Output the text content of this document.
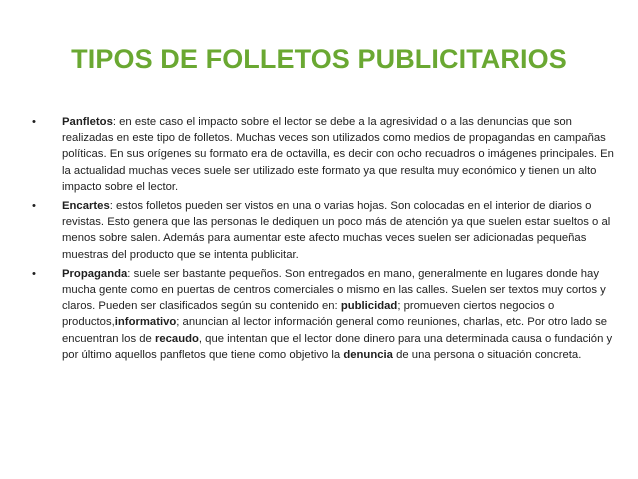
TIPOS DE FOLLETOS PUBLICITARIOS
•	Panfletos: en este caso el impacto sobre el lector se debe a la agresividad o a las denuncias que son realizadas en este tipo de folletos. Muchas veces son utilizados como medios de propagandas en campañas políticas. En sus orígenes su formato era de octavilla, es decir con ocho recuadros o imágenes principales. En la actualidad muchas veces suele ser utilizado este formato ya que resulta muy económico y tienen un alto impacto sobre el lector.
•	Encartes: estos folletos pueden ser vistos en una o varias hojas. Son colocadas en el interior de diarios o revistas. Esto genera que las personas le dediquen un poco más de atención ya que suelen estar sueltos o al menos sobre salen. Además para aumentar este afecto muchas veces suelen ser adicionadas pequeñas muestras del producto que se intenta publicitar.
•	Propaganda: suele ser bastante pequeños. Son entregados en mano, generalmente en lugares donde hay mucha gente como en puertas de centros comerciales o mismo en las calles. Suelen ser textos muy cortos y claros. Pueden ser clasificados según su contenido en: publicidad; promueven ciertos negocios o productos,informativo; anuncian al lector información general como reuniones, charlas, etc. Por otro lado se encuentran los de recaudo, que intentan que el lector done dinero para una determinada causa o fundación y por último aquellos panfletos que tiene como objetivo la denuncia de una persona o situación concreta.
